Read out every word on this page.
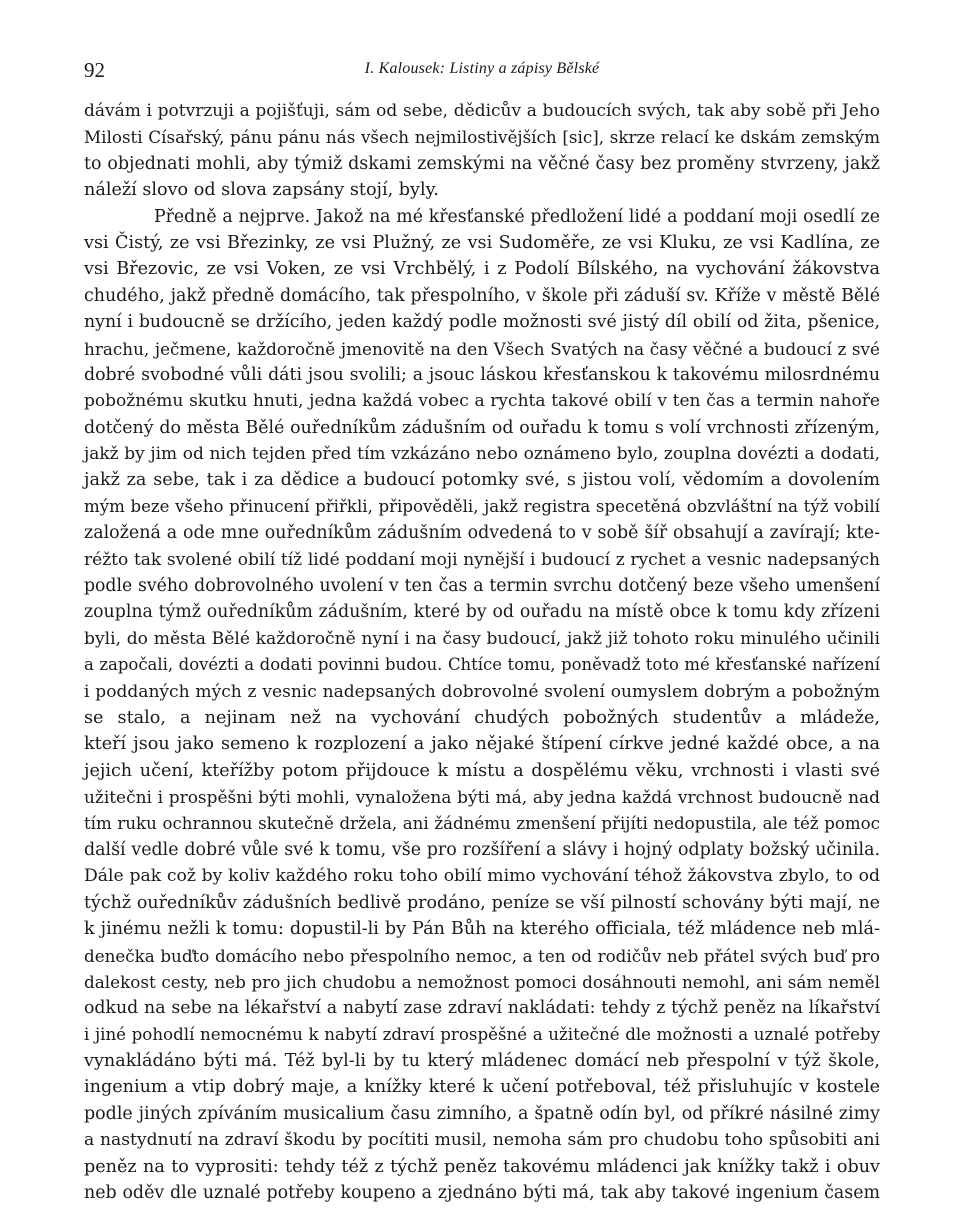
92	I. Kalousek: Listiny a zápisy Bělské
dávám i potvrzuji a pojišťuji, sám od sebe, dědicův a budoucích svých, tak aby sobě při Jeho
Milosti Císařský, pánu pánu nás všech nejmilostivějších [sic], skrze relací ke dskám zemským
to objednati mohli, aby týmiž dskami zemskými na věčné časy bez proměny stvrzeny, jakž
náleží slovo od slova zapsány stojí, byly.
Předně a nejprve. Jakož na mé křesťanské předložení lidé a poddaní moji osedlí ze
vsi Čistý, ze vsi Březinky, ze vsi Plužný, ze vsi Sudoměře, ze vsi Kluku, ze vsi Kadlína, ze
vsi Březovic, ze vsi Voken, ze vsi Vrchbělý, i z Podolí Bílského, na vychování žákovstva
chudého, jakž předně domácího, tak přespolního, v škole při záduší sv. Kříže v městě Bělé
nyní i budoucně se držícího, jeden každý podle možnosti své jistý díl obilí od žita, pšenice,
hrachu, ječmene, každoročně jmenovitě na den Všech Svatých na časy věčné a budoucí z své
dobré svobodné vůli dáti jsou svolili; a jsouc láskou křesťanskou k takovému milosrdnému
pobožnému skutku hnuti, jedna každá vobec a rychta takové obilí v ten čas a termin nahoře
dotčený do města Bělé ouředníkům zádušním od ouřadu k tomu s volí vrchnosti zřízeným,
jakž by jim od nich tejden před tím vzkázáno nebo oznámeno bylo, zouplna dovézti a dodati,
jakž za sebe, tak i za dědice a budoucí potomky své, s jistou volí, vědomím a dovolením
mým beze všeho přinucení přiřkli, připověděli, jakž registra specetěná obzvláštní na týž vobilí
založená a ode mne ouředníkům zádušním odvedená to v sobě šíř obsahují a zavírají; kte-
réžto tak svolené obilí tíž lidé poddaní moji nynější i budoucí z rychet a vesnic nadepsaných
podle svého dobrovolného uvolení v ten čas a termin svrchu dotčený beze všeho umenšení
zouplna týmž ouředníkům zádušním, které by od ouřadu na místě obce k tomu kdy zřízeni
byli, do města Bělé každoročně nyní i na časy budoucí, jakž již tohoto roku minulého učinili
a započali, dovézti a dodati povinni budou. Chtíce tomu, poněvadž toto mé křesťanské nařízení
i poddaných mých z vesnic nadepsaných dobrovolné svolení oumyslem dobrým a pobožným
se stalo, a nejinam než na vychování chudých pobožných studentův a mládeže,
kteří jsou jako semeno k rozplození a jako nějaké štípení církve jedné každé obce, a na
jejich učení, kteřížby potom přijdouce k místu a dospělému věku, vrchnosti i vlasti své
užitečni i prospěšni býti mohli, vynaložena býti má, aby jedna každá vrchnost budoucně nad
tím ruku ochrannou skutečně držela, ani žádnému zmenšení přijíti nedopustila, ale též pomoc
další vedle dobré vůle své k tomu, vše pro rozšíření a slávy i hojný odplaty božský učinila.
Dále pak což by koliv každého roku toho obilí mimo vychování téhož žákovstva zbylo, to od
týchž ouředníkův zádušních bedlivě prodáno, peníze se vší pilností schovány býti mají, ne
k jinému nežli k tomu: dopustil-li by Pán Bůh na kterého officiala, též mládence neb mlá-
denečka buďto domácího nebo přespolního nemoc, a ten od rodičův neb přátel svých buď pro
dalekost cesty, neb pro jich chudobu a nemožnost pomoci dosáhnouti nemohl, ani sám neměl
odkud na sebe na lékařství a nabytí zase zdraví nakládati: tehdy z týchž peněz na líkařství
i jiné pohodlí nemocnému k nabytí zdraví prospěšné a užitečné dle možnosti a uznalé potřeby
vynakládáno býti má. Též byl-li by tu který mládenec domácí neb přespolní v týž škole,
ingenium a vtip dobrý maje, a knížky které k učení potřeboval, též přisluhujíc v kostele
podle jiných zpíváním musicalium času zimního, a špatně odín byl, od příkré násilné zimy
a nastydnutí na zdraví škodu by pocítiti musil, nemoha sám pro chudobu toho spůsobiti ani
peněz na to vyprositi: tehdy též z týchž peněz takovému mládenci jak knížky takž i obuv
neb oděv dle uznalé potřeby koupeno a zjednáno býti má, tak aby takové ingenium časem
